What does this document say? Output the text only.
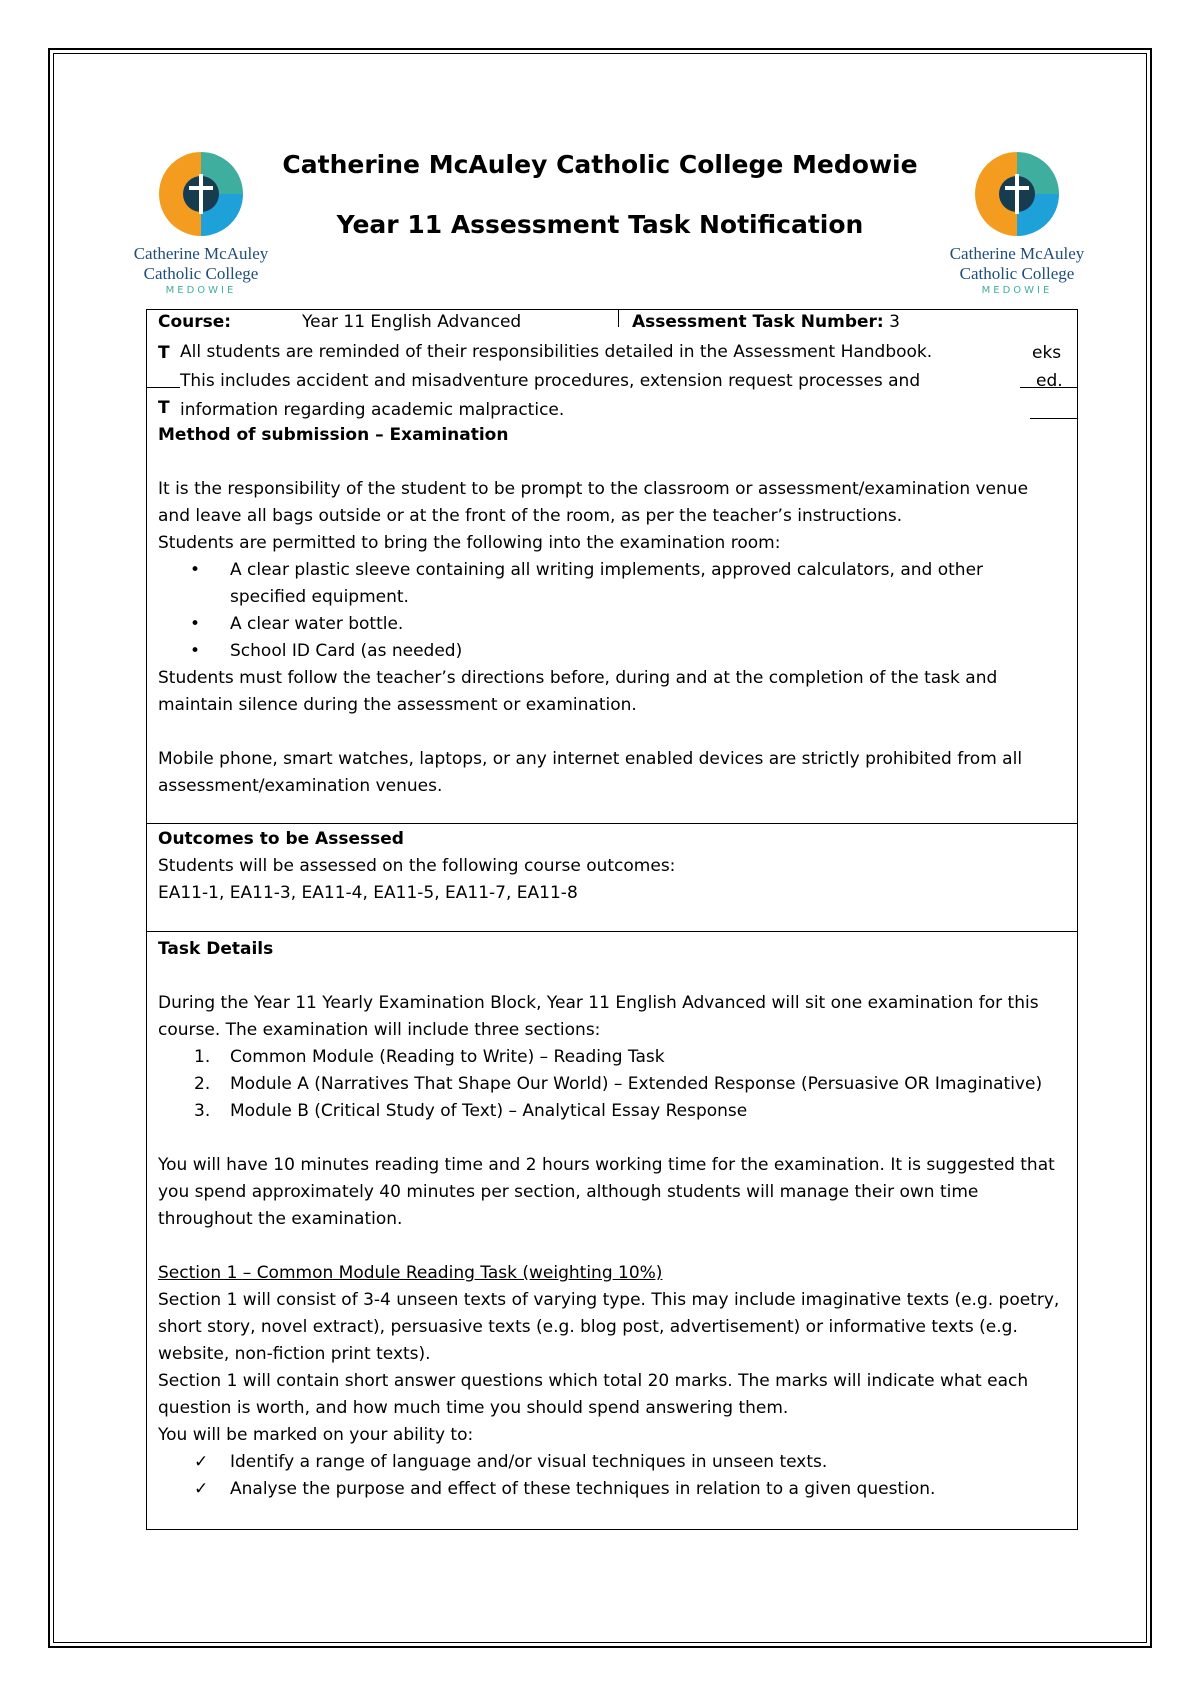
Catherine McAuley
Catholic College
MEDOWIE
Catherine McAuley
Catholic College
MEDOWIE
Catherine McAuley Catholic College Medowie
Year 11 Assessment Task Notification
Course:	Year 11 English Advanced	Assessment Task Number: 3
T	eks
ed.
T
All students are reminded of their responsibilities detailed in the Assessment Handbook.
This includes accident and misadventure procedures, extension request processes and
information regarding academic malpractice.
Method of submission – Examination
It is the responsibility of the student to be prompt to the classroom or assessment/examination venue and leave all bags outside or at the front of the room, as per the teacher’s instructions.
Students are permitted to bring the following into the examination room:
• A clear plastic sleeve containing all writing implements, approved calculators, and other specified equipment.
• A clear water bottle.
• School ID Card (as needed)
Students must follow the teacher’s directions before, during and at the completion of the task and maintain silence during the assessment or examination.
Mobile phone, smart watches, laptops, or any internet enabled devices are strictly prohibited from all assessment/examination venues.
Outcomes to be Assessed
Students will be assessed on the following course outcomes:
EA11-1, EA11-3, EA11-4, EA11-5, EA11-7, EA11-8
Task Details
During the Year 11 Yearly Examination Block, Year 11 English Advanced will sit one examination for this course. The examination will include three sections:
1. Common Module (Reading to Write) – Reading Task
2. Module A (Narratives That Shape Our World) – Extended Response (Persuasive OR Imaginative)
3. Module B (Critical Study of Text) – Analytical Essay Response
You will have 10 minutes reading time and 2 hours working time for the examination. It is suggested that you spend approximately 40 minutes per section, although students will manage their own time throughout the examination.
Section 1 – Common Module Reading Task (weighting 10%)
Section 1 will consist of 3-4 unseen texts of varying type. This may include imaginative texts (e.g. poetry, short story, novel extract), persuasive texts (e.g. blog post, advertisement) or informative texts (e.g. website, non-fiction print texts).
Section 1 will contain short answer questions which total 20 marks. The marks will indicate what each question is worth, and how much time you should spend answering them.
You will be marked on your ability to:
✓ Identify a range of language and/or visual techniques in unseen texts.
✓ Analyse the purpose and effect of these techniques in relation to a given question.
